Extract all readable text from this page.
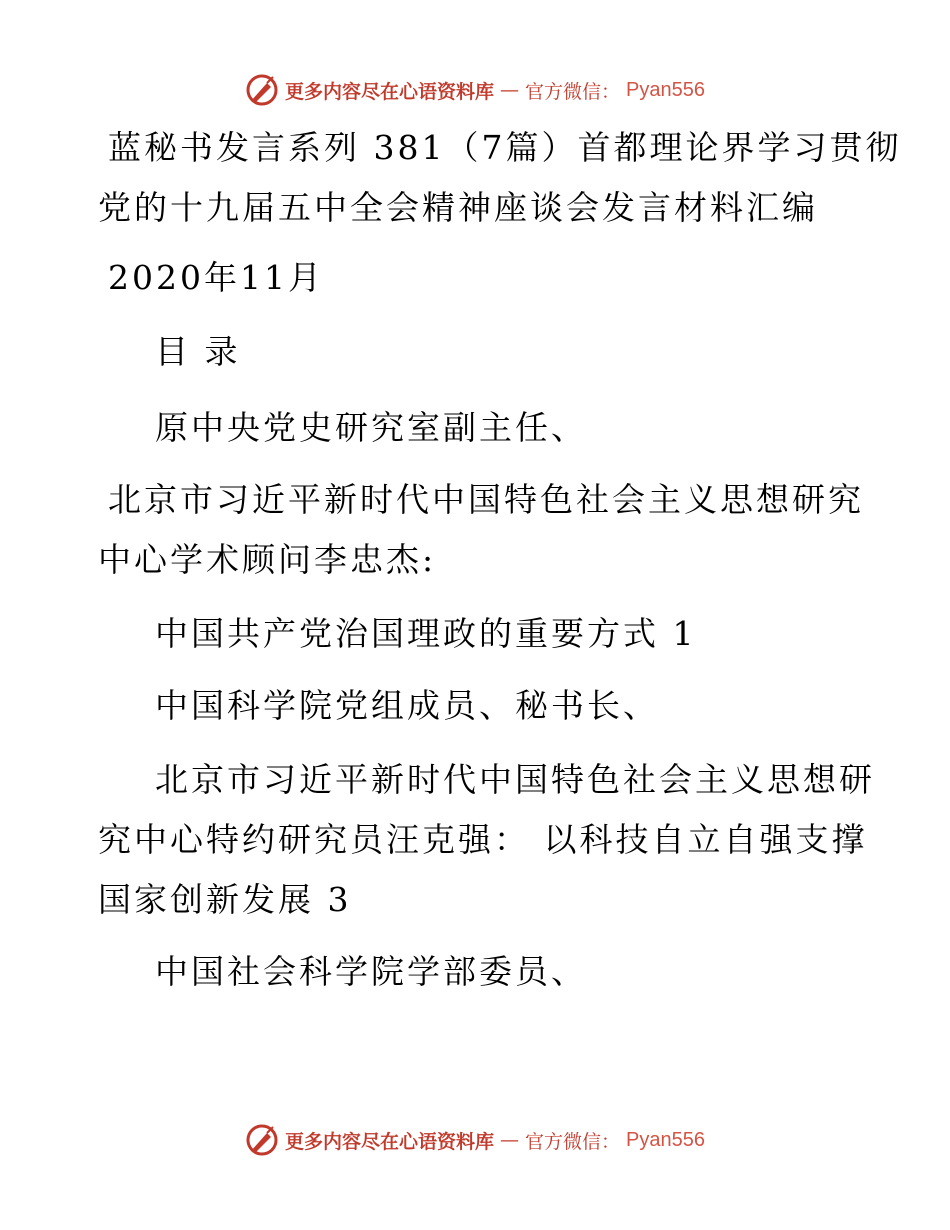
更多内容尽在心语资料库 — 官方微信： Pyan556
蓝秘书发言系列 381（7篇）首都理论界学习贯彻
党的十九届五中全会精神座谈会发言材料汇编
2020年11月
目 录
原中央党史研究室副主任、
北京市习近平新时代中国特色社会主义思想研究
中心学术顾问李忠杰:
中国共产党治国理政的重要方式 1
中国科学院党组成员、秘书长、
北京市习近平新时代中国特色社会主义思想研
究中心特约研究员汪克强： 以科技自立自强支撑
国家创新发展 3
中国社会科学院学部委员、
更多内容尽在心语资料库 — 官方微信： Pyan556
